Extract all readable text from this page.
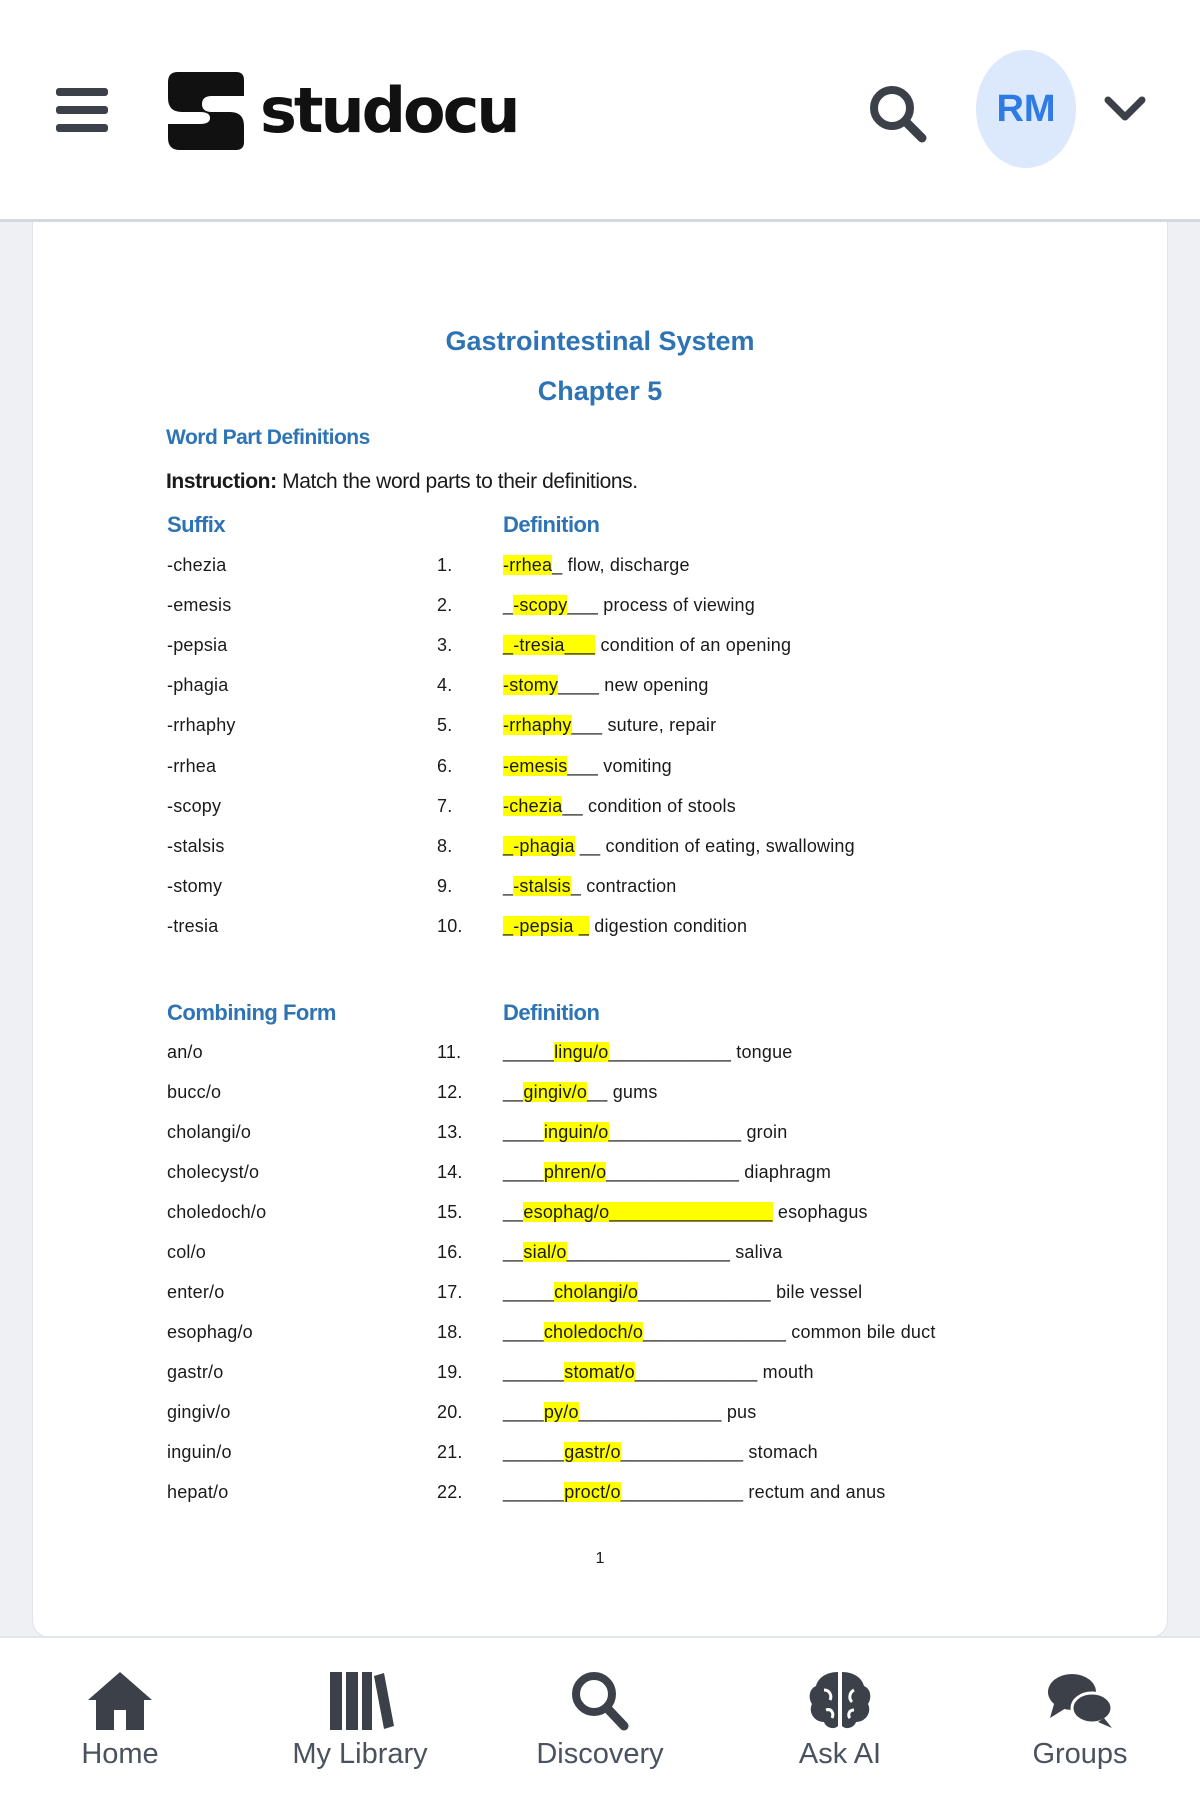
studocu	RM
Gastrointestinal System
Chapter 5
Word Part Definitions
Instruction: Match the word parts to their definitions.
Suffix	Definition
-chezia	1.	-rrhea_ flow, discharge
-emesis	2.	_-scopy___ process of viewing
-pepsia	3.	_-tresia___ condition of an opening
-phagia	4.	-stomy____ new opening
-rrhaphy	5.	-rrhaphy___ suture, repair
-rrhea	6.	-emesis___ vomiting
-scopy	7.	-chezia__ condition of stools
-stalsis	8.	_-phagia __ condition of eating, swallowing
-stomy	9.	_-stalsis_ contraction
-tresia	10. _-pepsia _ digestion condition
Combining Form	Definition
an/o	11. _____lingu/o____________ tongue
bucc/o	12. __gingiv/o__ gums
cholangi/o	13. ____inguin/o_____________ groin
cholecyst/o	14. ____phren/o_____________ diaphragm
choledoch/o	15. __esophag/o________________ esophagus
col/o	16. __sial/o________________ saliva
enter/o	17. _____cholangi/o_____________ bile vessel
esophag/o	18. ____choledoch/o______________ common bile duct
gastr/o	19. ______stomat/o____________ mouth
gingiv/o	20. ____py/o______________ pus
inguin/o	21. ______gastr/o____________ stomach
hepat/o	22. ______proct/o____________ rectum and anus
1
Home	My Library	Discovery	Ask AI	Groups
